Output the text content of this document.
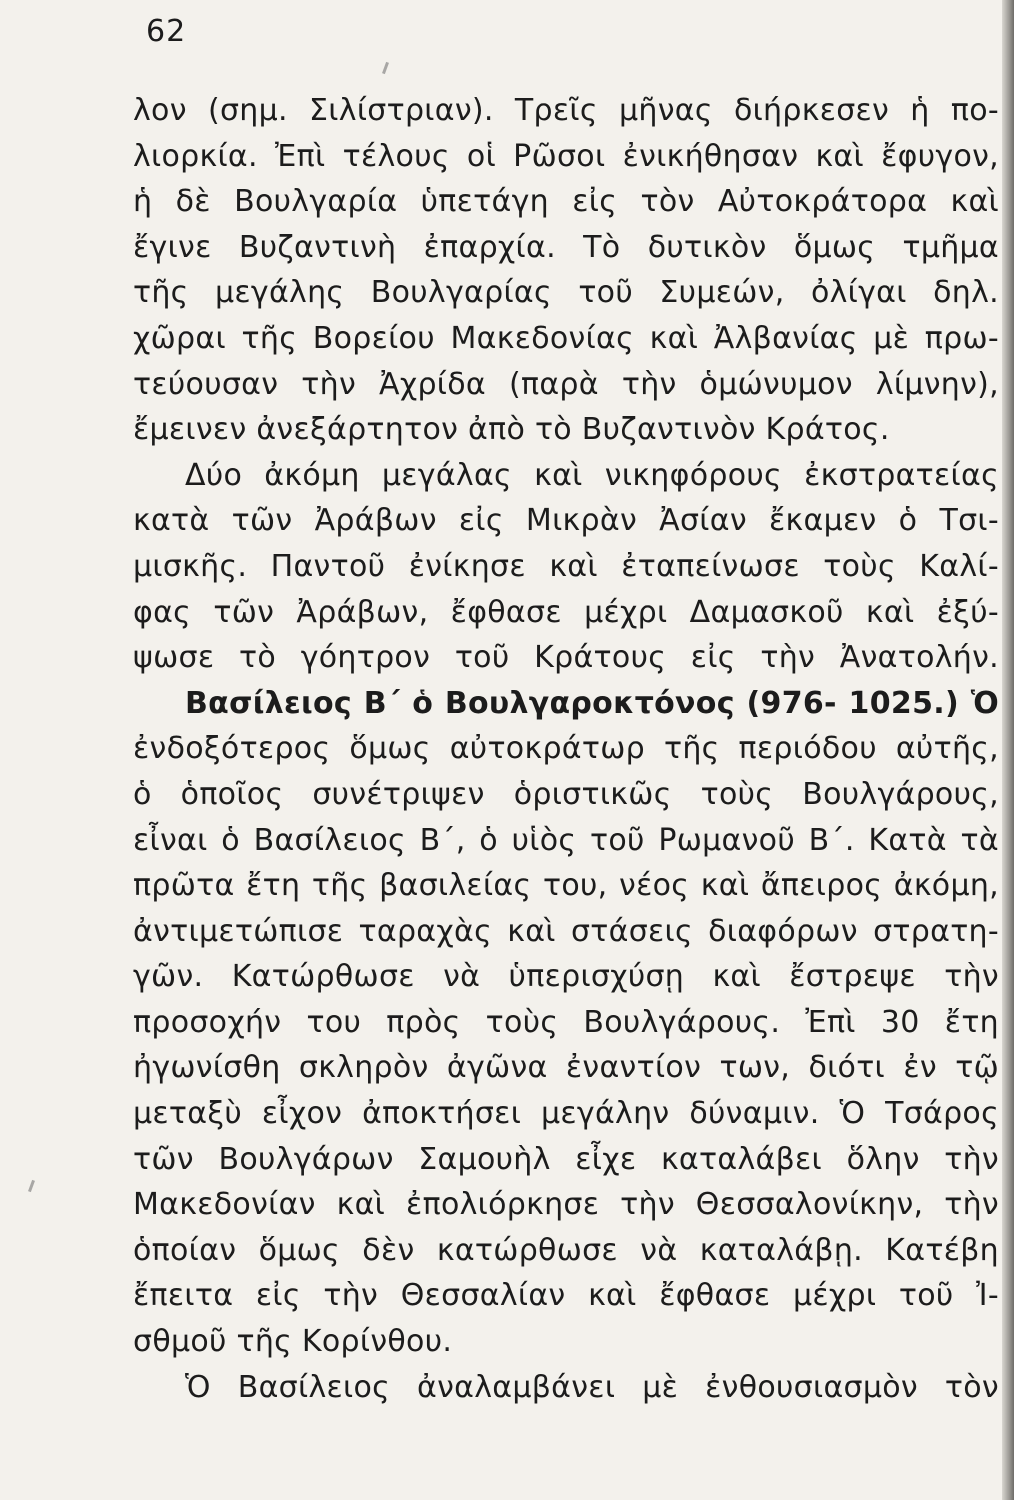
62
λον (σημ. Σιλίστριαν). Τρεῖς μῆνας διήρκεσεν ἡ πο-
λιορκία. Ἐπὶ τέλους οἱ Ρῶσοι ἐνικήθησαν καὶ ἔφυγον,
ἡ δὲ Βουλγαρία ὑπετάγη εἰς τὸν Αὐτοκράτορα καὶ
ἔγινε Βυζαντινὴ ἐπαρχία. Τὸ δυτικὸν ὅμως τμῆμα
τῆς μεγάλης Βουλγαρίας τοῦ Συμεών, ὀλίγαι δηλ.
χῶραι τῆς Βορείου Μακεδονίας καὶ Ἀλβανίας μὲ πρω-
τεύουσαν τὴν Ἀχρίδα (παρὰ τὴν ὁμώνυμον λίμνην),
ἔμεινεν ἀνεξάρτητον ἀπὸ τὸ Βυζαντινὸν Κράτος.
Δύο ἀκόμη μεγάλας καὶ νικηφόρους ἐκστρατείας
κατὰ τῶν Ἀράβων εἰς Μικρὰν Ἀσίαν ἔκαμεν ὁ Τσι-
μισκῆς. Παντοῦ ἐνίκησε καὶ ἐταπείνωσε τοὺς Καλί-
φας τῶν Ἀράβων, ἔφθασε μέχρι Δαμασκοῦ καὶ ἐξύ-
ψωσε τὸ γόητρον τοῦ Κράτους εἰς τὴν Ἀνατολήν.
Βασίλειος Β΄ ὁ Βουλγαροκτόνος (976- 1025.) Ὁ
ἐνδοξότερος ὅμως αὐτοκράτωρ τῆς περιόδου αὐτῆς,
ὁ ὁποῖος συνέτριψεν ὁριστικῶς τοὺς Βουλγάρους,
εἶναι ὁ Βασίλειος Β΄, ὁ υἱὸς τοῦ Ρωμανοῦ Β΄. Κατὰ τὰ
πρῶτα ἔτη τῆς βασιλείας του, νέος καὶ ἄπειρος ἀκόμη,
ἀντιμετώπισε ταραχὰς καὶ στάσεις διαφόρων στρατη-
γῶν. Κατώρθωσε νὰ ὑπερισχύσῃ καὶ ἔστρεψε τὴν
προσοχήν του πρὸς τοὺς Βουλγάρους. Ἐπὶ 30 ἔτη
ἠγωνίσθη σκληρὸν ἀγῶνα ἐναντίον των, διότι ἐν τῷ
μεταξὺ εἶχον ἀποκτήσει μεγάλην δύναμιν. Ὁ Τσάρος
τῶν Βουλγάρων Σαμουὴλ εἶχε καταλάβει ὅλην τὴν
Μακεδονίαν καὶ ἐπολιόρκησε τὴν Θεσσαλονίκην, τὴν
ὁποίαν ὅμως δὲν κατώρθωσε νὰ καταλάβῃ. Κατέβη
ἔπειτα εἰς τὴν Θεσσαλίαν καὶ ἔφθασε μέχρι τοῦ Ἰ-
σθμοῦ τῆς Κορίνθου.
Ὁ Βασίλειος ἀναλαμβάνει μὲ ἐνθουσιασμὸν τὸν
